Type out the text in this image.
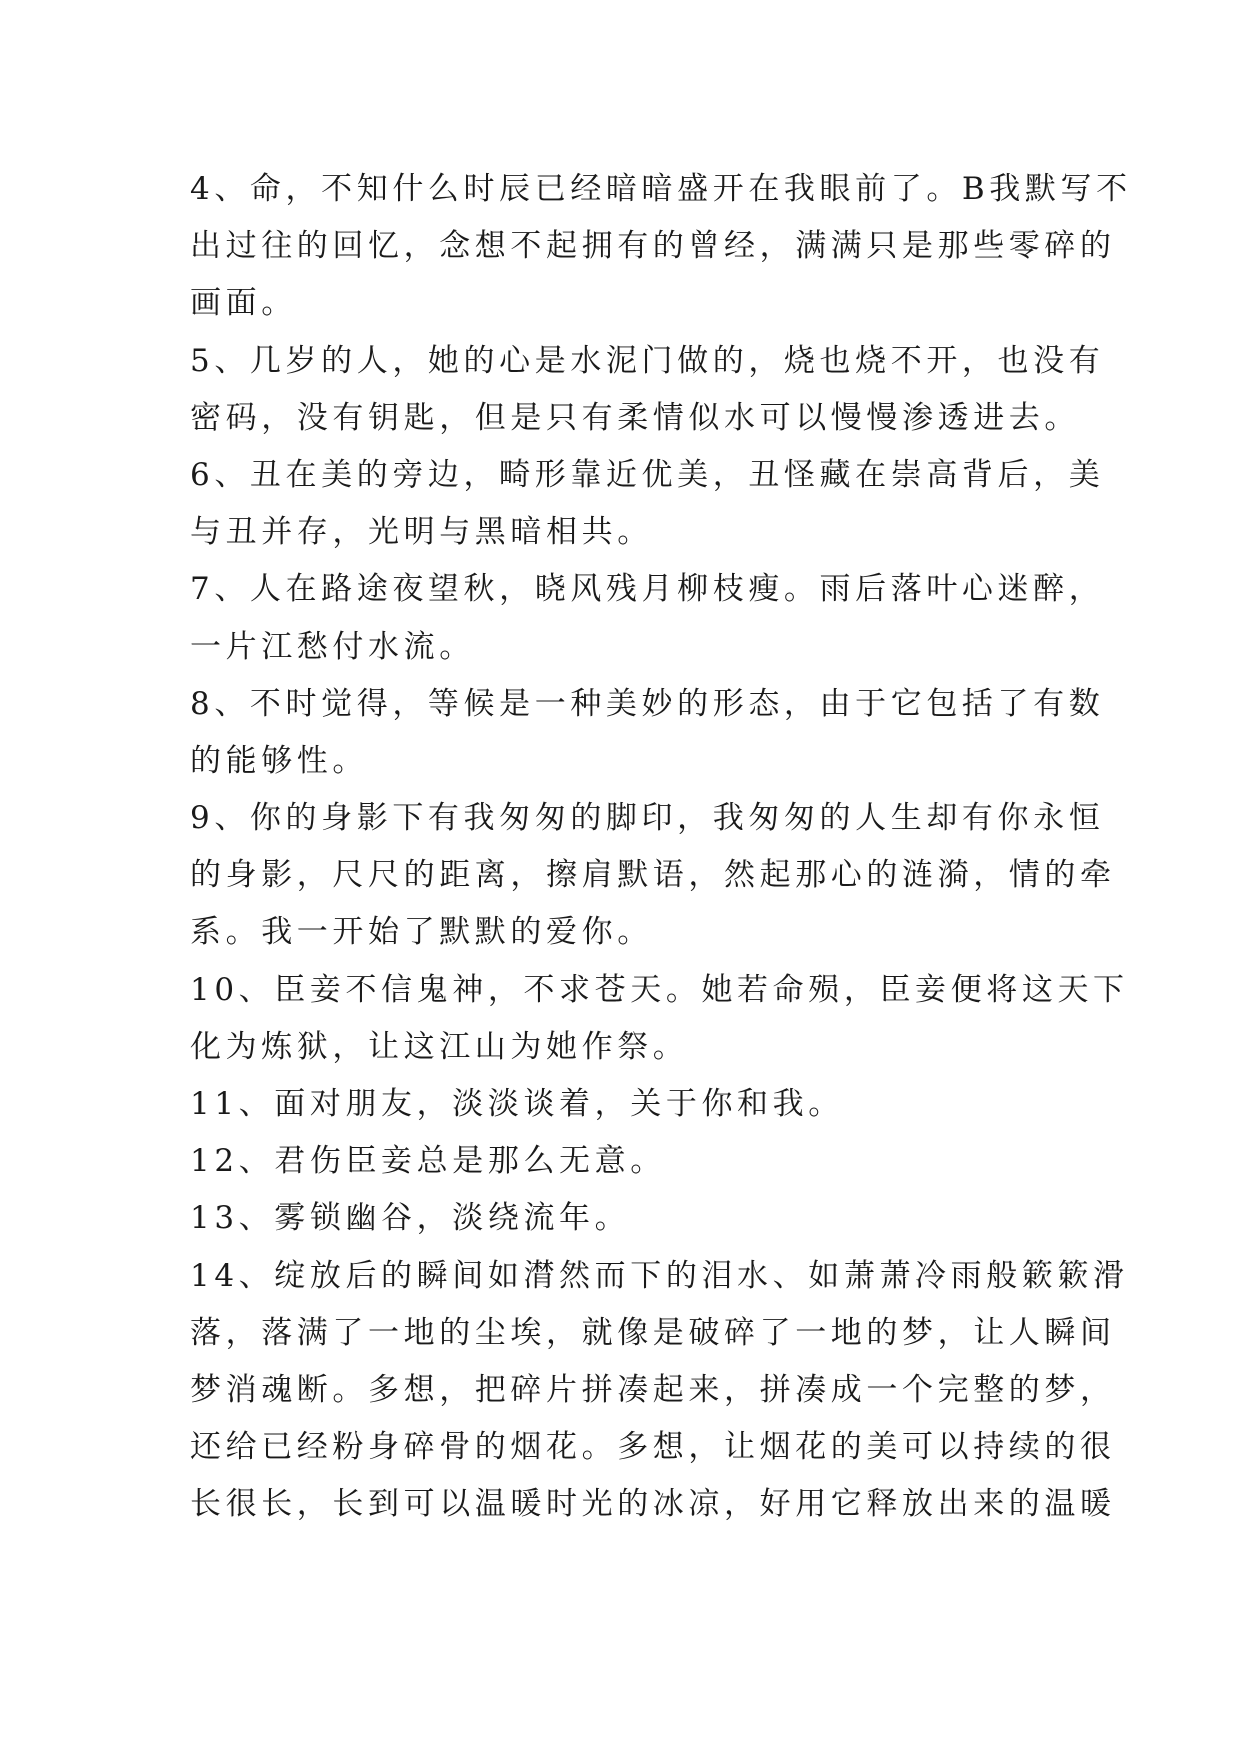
4、命，不知什么时辰已经暗暗盛开在我眼前了。B我默写不
出过往的回忆，念想不起拥有的曾经，满满只是那些零碎的
画面。
5、几岁的人，她的心是水泥门做的，烧也烧不开，也没有
密码，没有钥匙，但是只有柔情似水可以慢慢渗透进去。
6、丑在美的旁边，畸形靠近优美，丑怪藏在崇高背后，美
与丑并存，光明与黑暗相共。
7、人在路途夜望秋，晓风残月柳枝瘦。雨后落叶心迷醉，
一片江愁付水流。
8、不时觉得，等候是一种美妙的形态，由于它包括了有数
的能够性。
9、你的身影下有我匆匆的脚印，我匆匆的人生却有你永恒
的身影，尺尺的距离，擦肩默语，然起那心的涟漪，情的牵
系。我一开始了默默的爱你。
10、臣妾不信鬼神，不求苍天。她若命殒，臣妾便将这天下
化为炼狱，让这江山为她作祭。
11、面对朋友，淡淡谈着，关于你和我。
12、君伤臣妾总是那么无意。
13、雾锁幽谷，淡绕流年。
14、绽放后的瞬间如潸然而下的泪水、如萧萧冷雨般簌簌滑
落，落满了一地的尘埃，就像是破碎了一地的梦，让人瞬间
梦消魂断。多想，把碎片拼凑起来，拼凑成一个完整的梦，
还给已经粉身碎骨的烟花。多想，让烟花的美可以持续的很
长很长，长到可以温暖时光的冰凉，好用它释放出来的温暖
